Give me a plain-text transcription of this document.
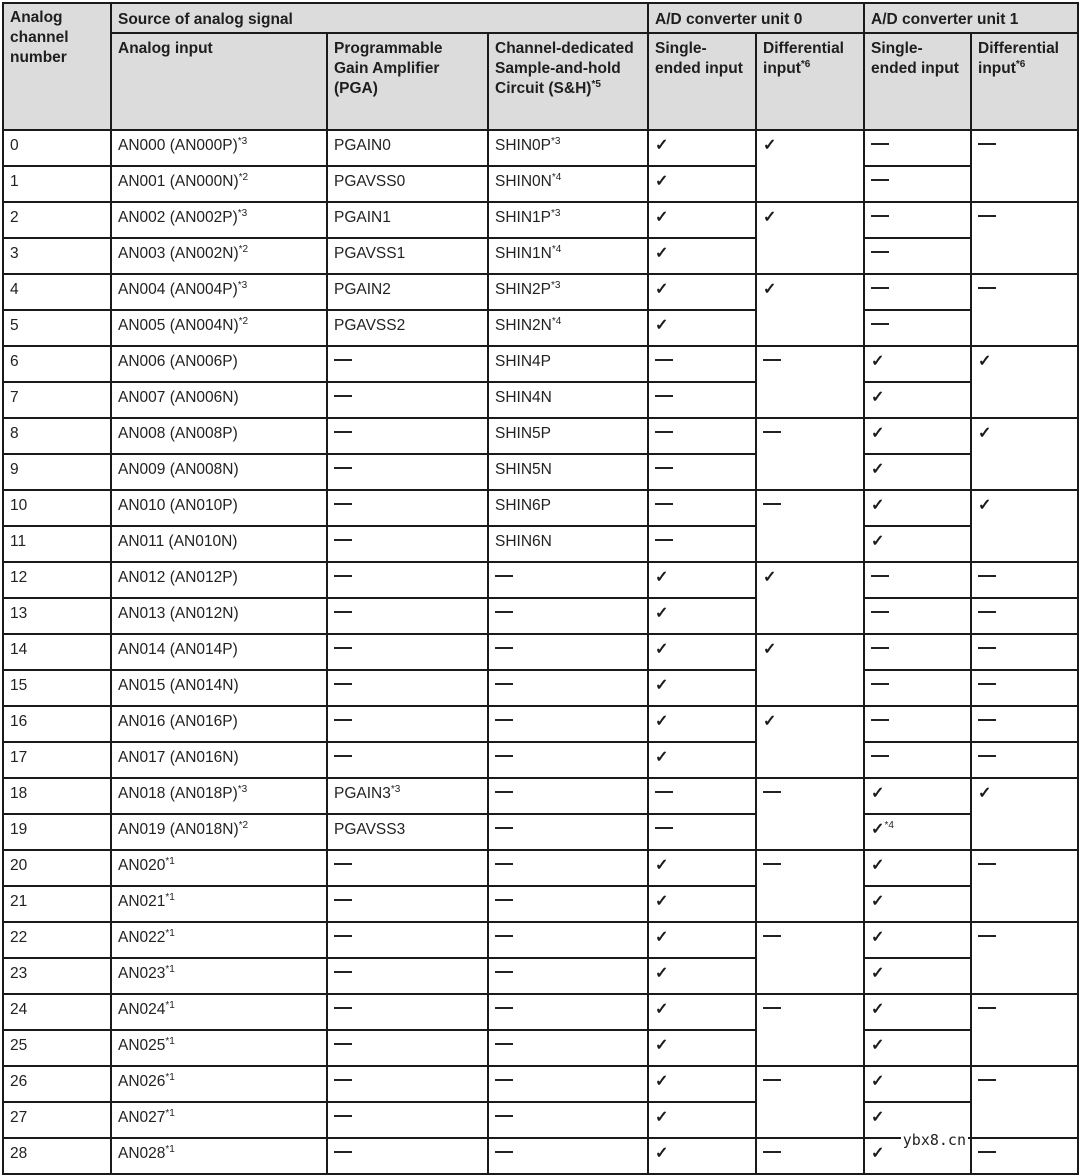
Analog channel number	Source of analog signal			A/D converter unit 0		A/D converter unit 1	
	Analog input	Programmable Gain Amplifier (PGA)	Channel-dedicated Sample-and-hold Circuit (S&H)$^{*5}$	Single-ended input	Differential input$^{*6}$	Single-ended input	Differential input$^{*6}$
0	AN000 $(AN000P)^{*3}$	PGAIN0	$SHIN0P^{*3}$	✓	✓		
1	AN001 $(AN000N)^{*2}$	PGAVSS0	$SHIN0N^{*4}$	✓			
2	AN002 $(AN002P)^{*3}$	PGAIN1	$SHIN1P^{*3}$	✓	✓		
3	AN003 $(AN002N)^{*2}$	PGAVSS1	$SHIN1N^{*4}$	✓			
4	AN004 $(AN004P)^{*3}$	PGAIN2	$SHIN2P^{*3}$	✓	✓		
5	AN005 $(AN004N)^{*2}$	PGAVSS2	$SHIN2N^{*4}$	✓			
6	AN006 (AN006P)		SHIN4P			✓	✓
7	AN007 (AN006N)		SHIN4N			✓	
8	AN008 (AN008P)		SHIN5P			✓	✓
9	AN009 (AN008N)		SHIN5N			✓	
10	AN010 (AN010P)		SHIN6P			✓	✓
11	AN011 (AN010N)		SHIN6N			✓	
12	AN012 (AN012P)			✓	✓		
13	AN013 (AN012N)			✓			
14	AN014 (AN014P)			✓	✓		
15	AN015 (AN014N)			✓			
16	AN016 (AN016P)			✓	✓		
17	AN017 (AN016N)			✓			
18	AN018 $(AN018P)^{*3}$	PGAIN3$^{*3}$				✓	✓
19	AN019 $(AN018N)^{*2}$	PGAVSS3				✓$^{*4}$
20	AN020$^{*1}$			✓		✓	
21	AN021$^{*1}$			✓		✓	
22	AN022$^{*1}$			✓		✓	
23	AN023$^{*1}$			✓		✓	
24	AN024$^{*1}$			✓		✓	
25	AN025$^{*1}$			✓		✓	
26	AN026$^{*1}$			✓		✓	
27	AN027$^{*1}$			✓		✓	
28	AN028$^{*1}$			✓		✓	
ybx8.cn
